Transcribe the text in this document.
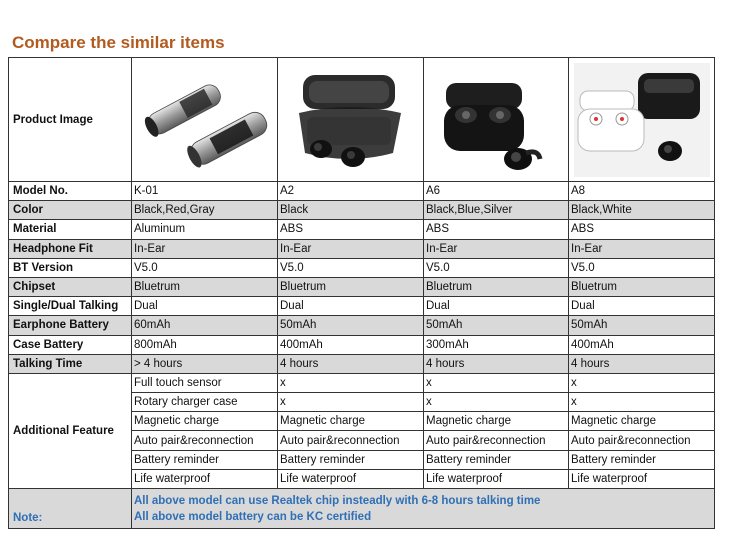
Compare the similar items
Product Image	

Model No.	K-01	A2	A6	A8
Color	Black,Red,Gray	Black	Black,Blue,Silver	Black,White
Material	Aluminum	ABS	ABS	ABS
Headphone Fit	In-Ear	In-Ear	In-Ear	In-Ear
BT Version	V5.0	V5.0	V5.0	V5.0
Chipset	Bluetrum	Bluetrum	Bluetrum	Bluetrum
Single/Dual Talking	Dual	Dual	Dual	Dual
Earphone Battery	60mAh	50mAh	50mAh	50mAh
Case Battery	800mAh	400mAh	300mAh	400mAh
Talking Time	> 4 hours	4 hours	4 hours	4 hours
Additional Feature	Full touch sensor	x	x	x
	Rotary charger case	x	x	x
	Magnetic charge	Magnetic charge	Magnetic charge	Magnetic charge
	Auto pair&reconnection	Auto pair&reconnection	Auto pair&reconnection	Auto pair&reconnection
	Battery reminder	Battery reminder	Battery reminder	Battery reminder
	Life waterproof	Life waterproof	Life waterproof	Life waterproof
Note:	All above model can use Realtek chip insteadly with 6-8 hours talking time
All above model battery can be KC certified			
